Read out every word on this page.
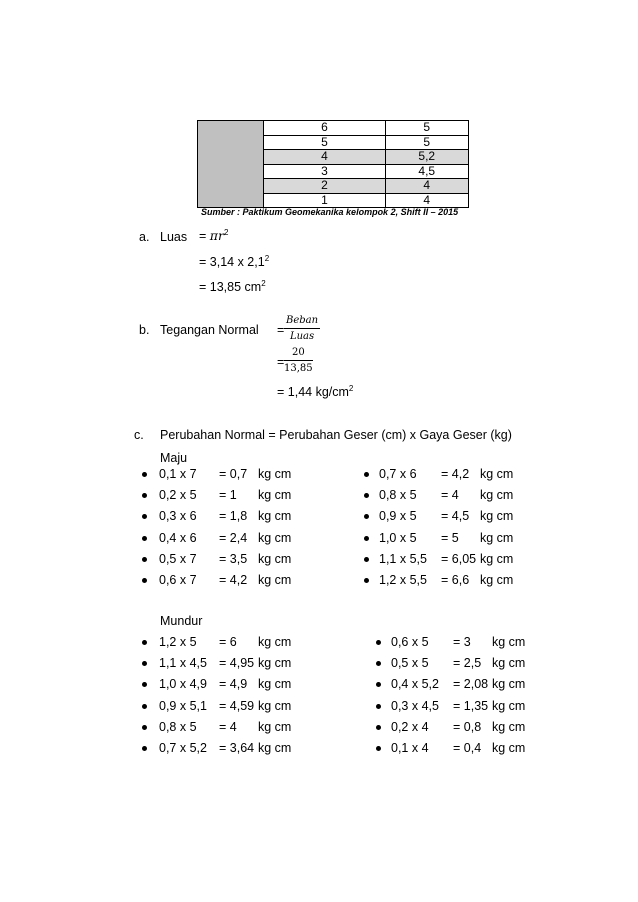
	6	5
	5	5
	4	5,2
	3	4,5
	2	4
	1	4
Sumber : Paktikum Geomekanika kelompok 2, Shift II – 2015
a. Luas = $\pi r^2$
= 3,14 x $2,1^2$
= 13,85 $cm^2$
b. Tegangan Normal =
Beban
Luas
= $\frac{20}{13,85}$
= 1,44 $kg/cm^2$
c. Perubahan Normal = Perubahan Geser (cm) x Gaya Geser (kg)
Maju
0,1 x 7 = 0,7 kg cm
0,2 x 5 = 1 kg cm
0,3 x 6 = 1,8 kg cm
0,4 x 6 = 2,4 kg cm
0,5 x 7 = 3,5 kg cm
0,6 x 7 = 4,2 kg cm
0,7 x 6 = 4,2 kg cm
0,8 x 5 = 4 kg cm
0,9 x 5 = 4,5 kg cm
1,0 x 5 = 5 kg cm
1,1 x 5,5 = 6,05 kg cm
1,2 x 5,5 = 6,6 kg cm
Mundur
1,2 x 5 = 6 kg cm
1,1 x 4,5 = 4,95 kg cm
1,0 x 4,9 = 4,9 kg cm
0,9 x 5,1 = 4,59 kg cm
0,8 x 5 = 4 kg cm
0,7 x 5,2 = 3,64 kg cm
0,6 x 5 = 3 kg cm
0,5 x 5 = 2,5 kg cm
0,4 x 5,2 = 2,08 kg cm
0,3 x 4,5 = 1,35 kg cm
0,2 x 4 = 0,8 kg cm
0,1 x 4 = 0,4 kg cm
